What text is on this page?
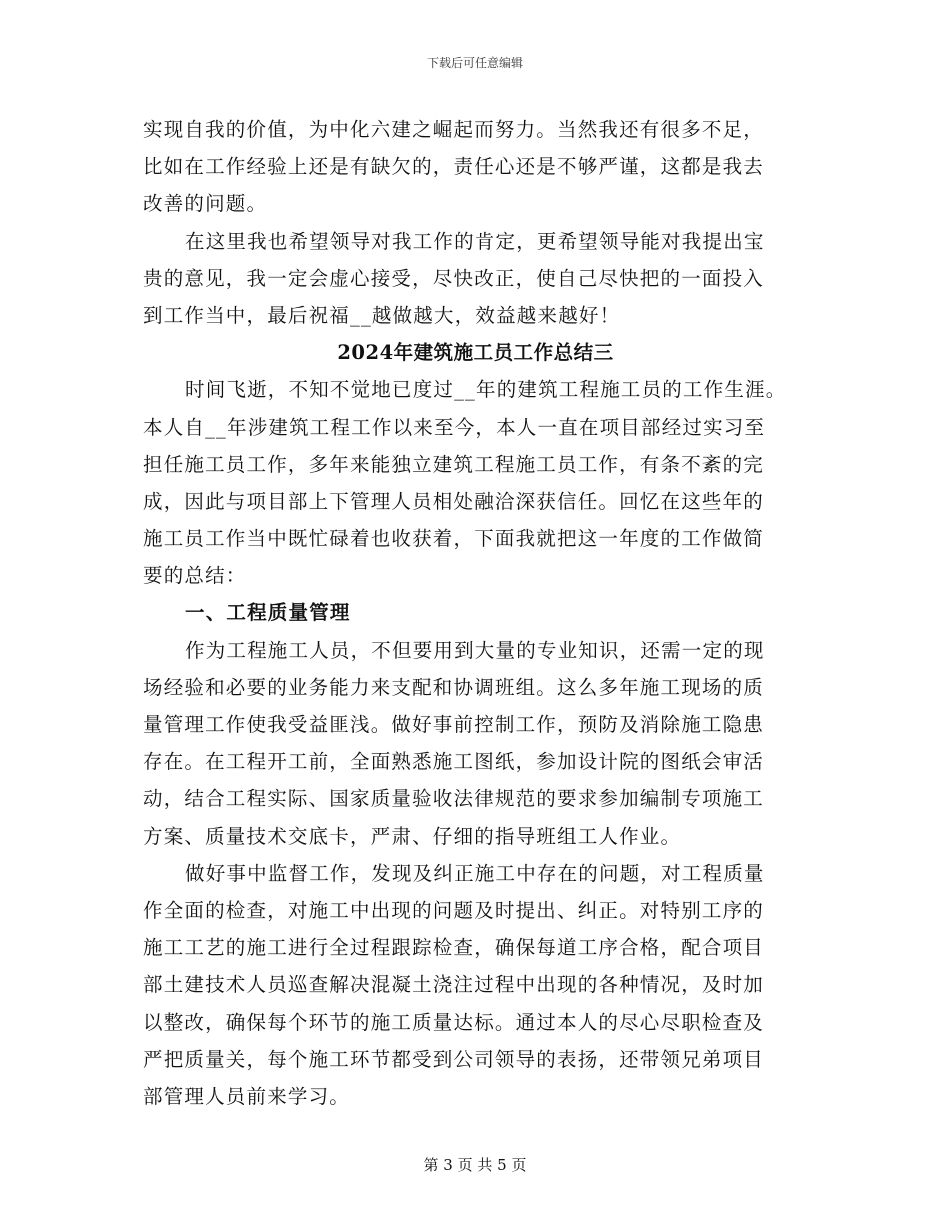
下载后可任意编辑
实现自我的价值，为中化六建之崛起而努力。当然我还有很多不足，
比如在工作经验上还是有缺欠的，责任心还是不够严谨，这都是我去
改善的问题。
在这里我也希望领导对我工作的肯定，更希望领导能对我提出宝
贵的意见，我一定会虚心接受，尽快改正，使自己尽快把的一面投入
到工作当中，最后祝福__越做越大，效益越来越好！
2024年建筑施工员工作总结三
时间飞逝，不知不觉地已度过__年的建筑工程施工员的工作生涯。
本人自__年涉建筑工程工作以来至今，本人一直在项目部经过实习至
担任施工员工作，多年来能独立建筑工程施工员工作，有条不紊的完
成，因此与项目部上下管理人员相处融洽深获信任。回忆在这些年的
施工员工作当中既忙碌着也收获着，下面我就把这一年度的工作做简
要的总结：
一、工程质量管理
作为工程施工人员，不但要用到大量的专业知识，还需一定的现
场经验和必要的业务能力来支配和协调班组。这么多年施工现场的质
量管理工作使我受益匪浅。做好事前控制工作，预防及消除施工隐患
存在。在工程开工前，全面熟悉施工图纸，参加设计院的图纸会审活
动，结合工程实际、国家质量验收法律规范的要求参加编制专项施工
方案、质量技术交底卡，严肃、仔细的指导班组工人作业。
做好事中监督工作，发现及纠正施工中存在的问题，对工程质量
作全面的检查，对施工中出现的问题及时提出、纠正。对特别工序的
施工工艺的施工进行全过程跟踪检查，确保每道工序合格，配合项目
部土建技术人员巡查解决混凝土浇注过程中出现的各种情况，及时加
以整改，确保每个环节的施工质量达标。通过本人的尽心尽职检查及
严把质量关，每个施工环节都受到公司领导的表扬，还带领兄弟项目
部管理人员前来学习。
第 3 页 共 5 页
